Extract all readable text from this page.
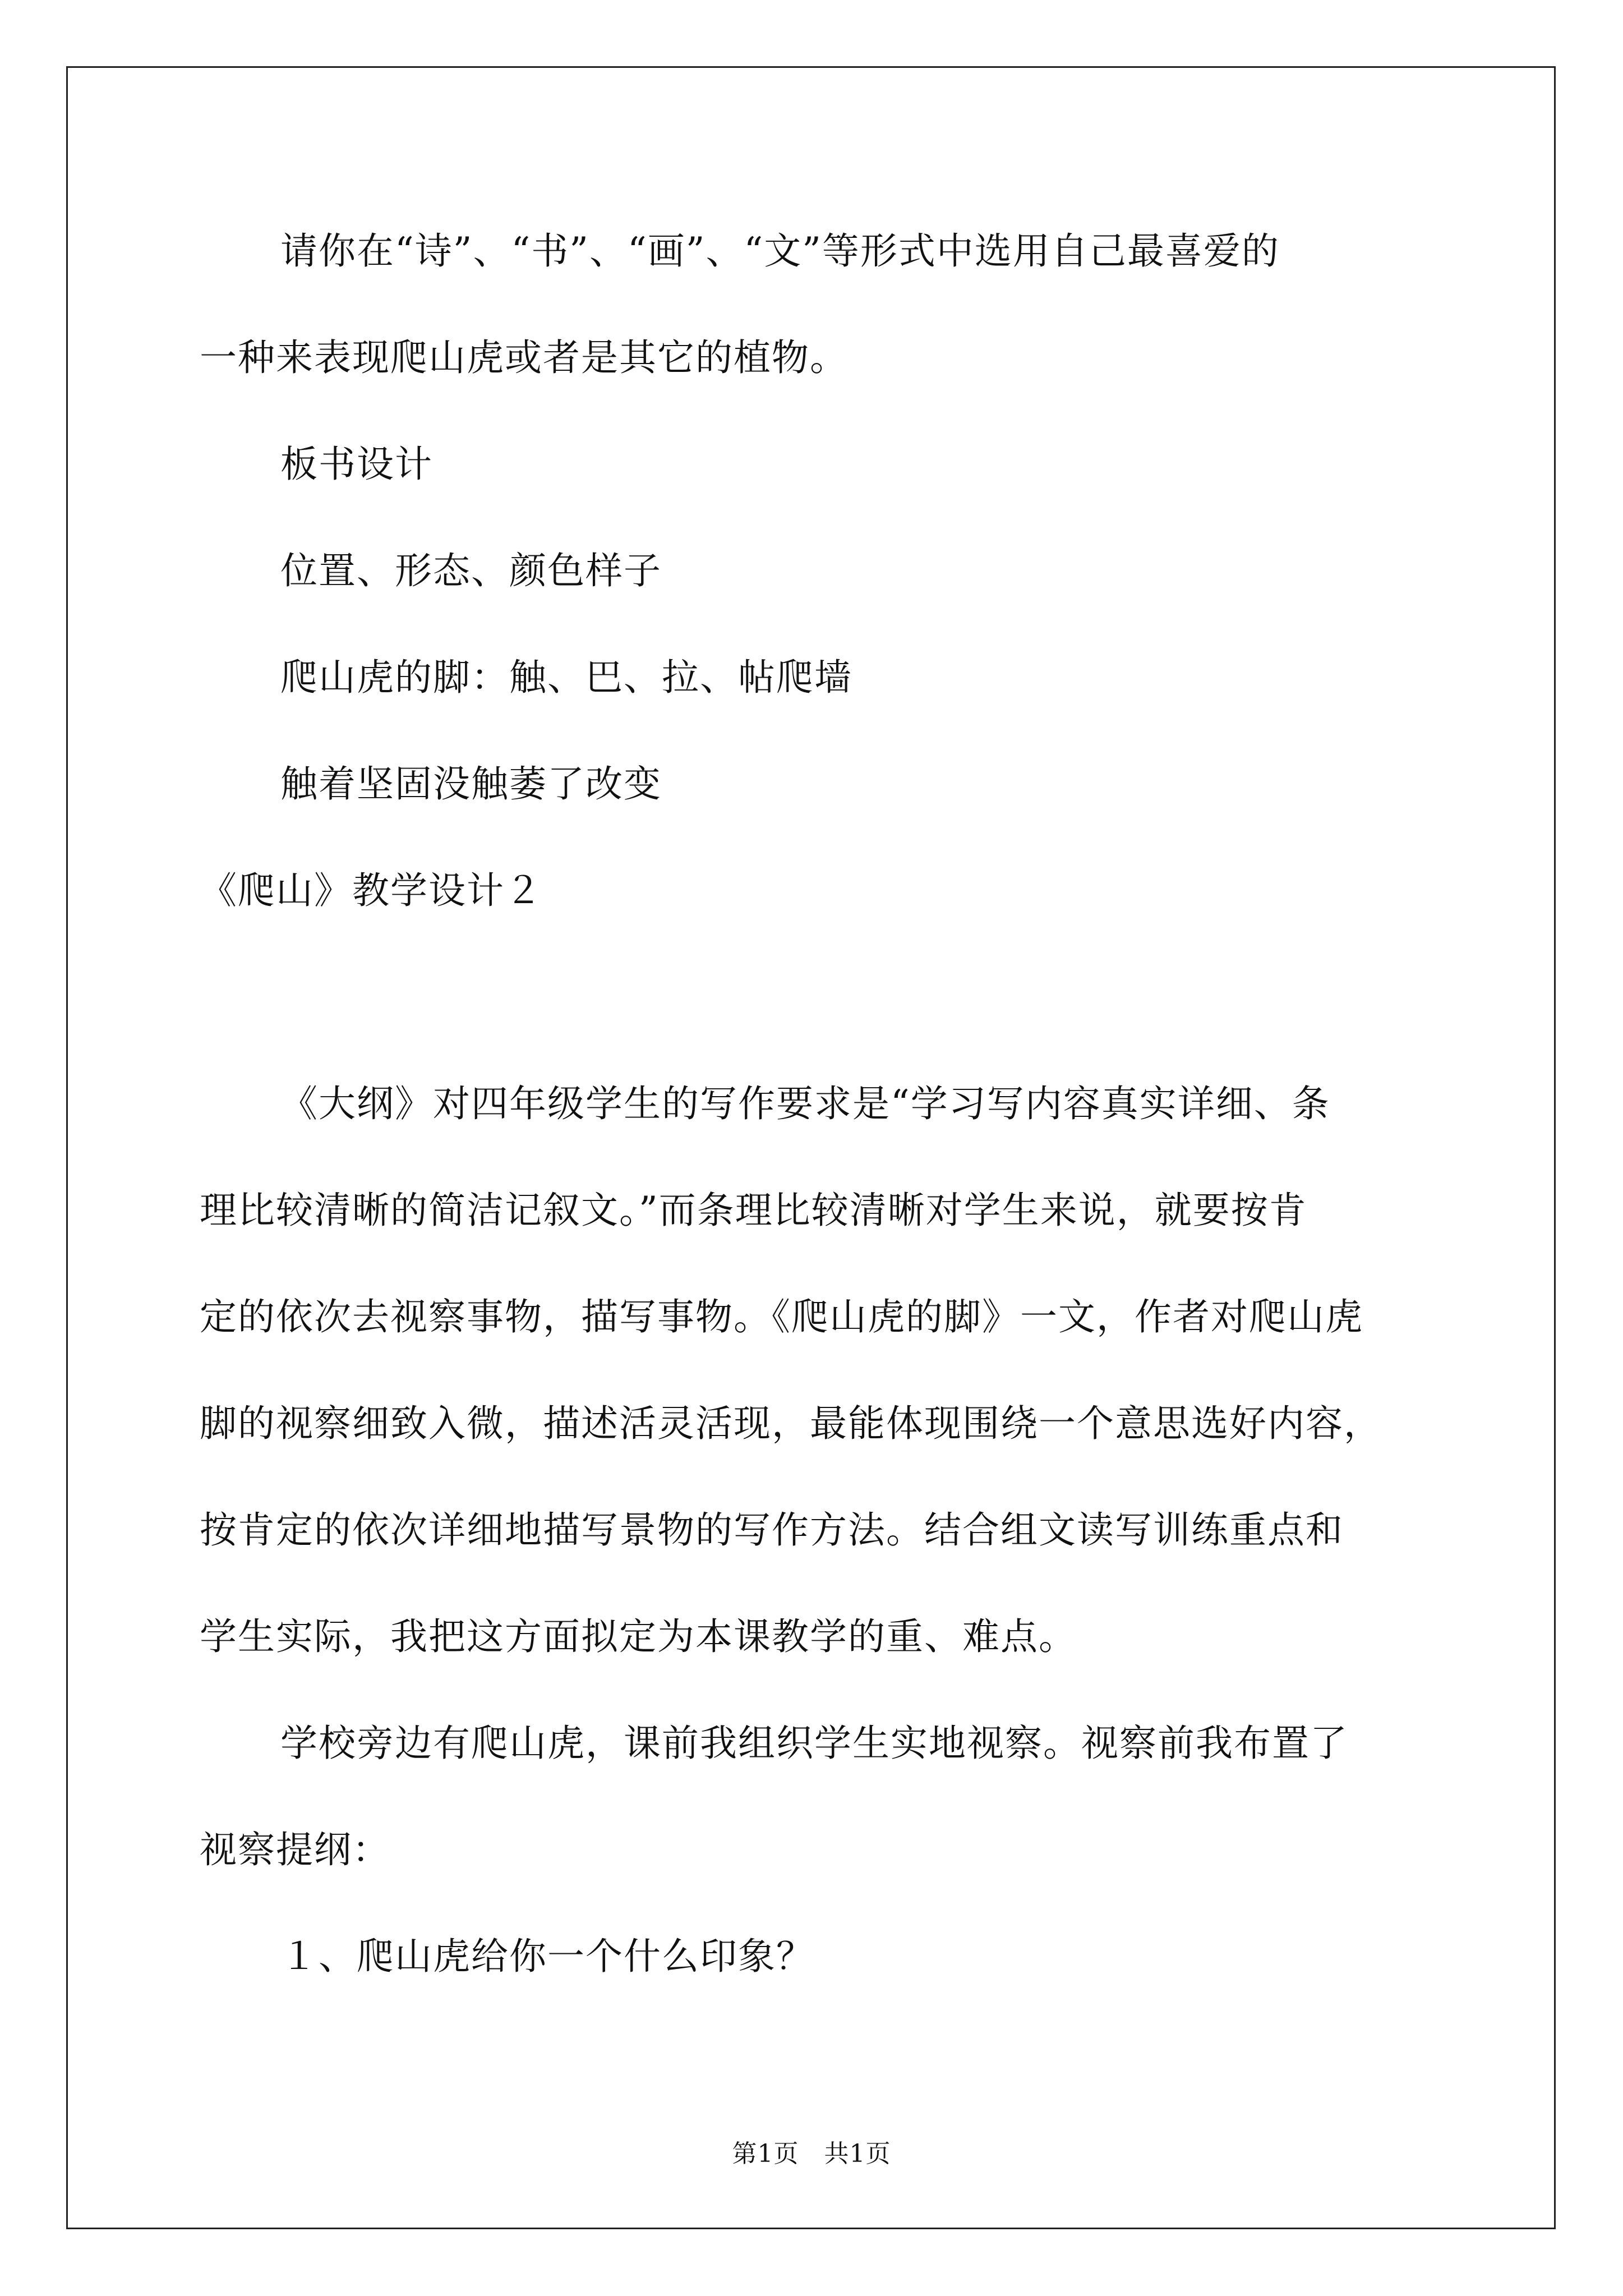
请你在“诗”、“书”、“画”、“文”等形式中选用自己最喜爱的
一种来表现爬山虎或者是其它的植物。
板书设计
位置、形态、颜色样子
爬山虎的脚：触、巴、拉、帖爬墙
触着坚固没触萎了改变
《爬山》教学设计２
《大纲》对四年级学生的写作要求是“学习写内容真实详细、条
理比较清晰的简洁记叙文。”而条理比较清晰对学生来说，就要按肯
定的依次去视察事物，描写事物。《爬山虎的脚》一文，作者对爬山虎
脚的视察细致入微，描述活灵活现，最能体现围绕一个意思选好内容，
按肯定的依次详细地描写景物的写作方法。结合组文读写训练重点和
学生实际，我把这方面拟定为本课教学的重、难点。
学校旁边有爬山虎，课前我组织学生实地视察。视察前我布置了
视察提纲：
１、爬山虎给你一个什么印象？
第1页　共1页
